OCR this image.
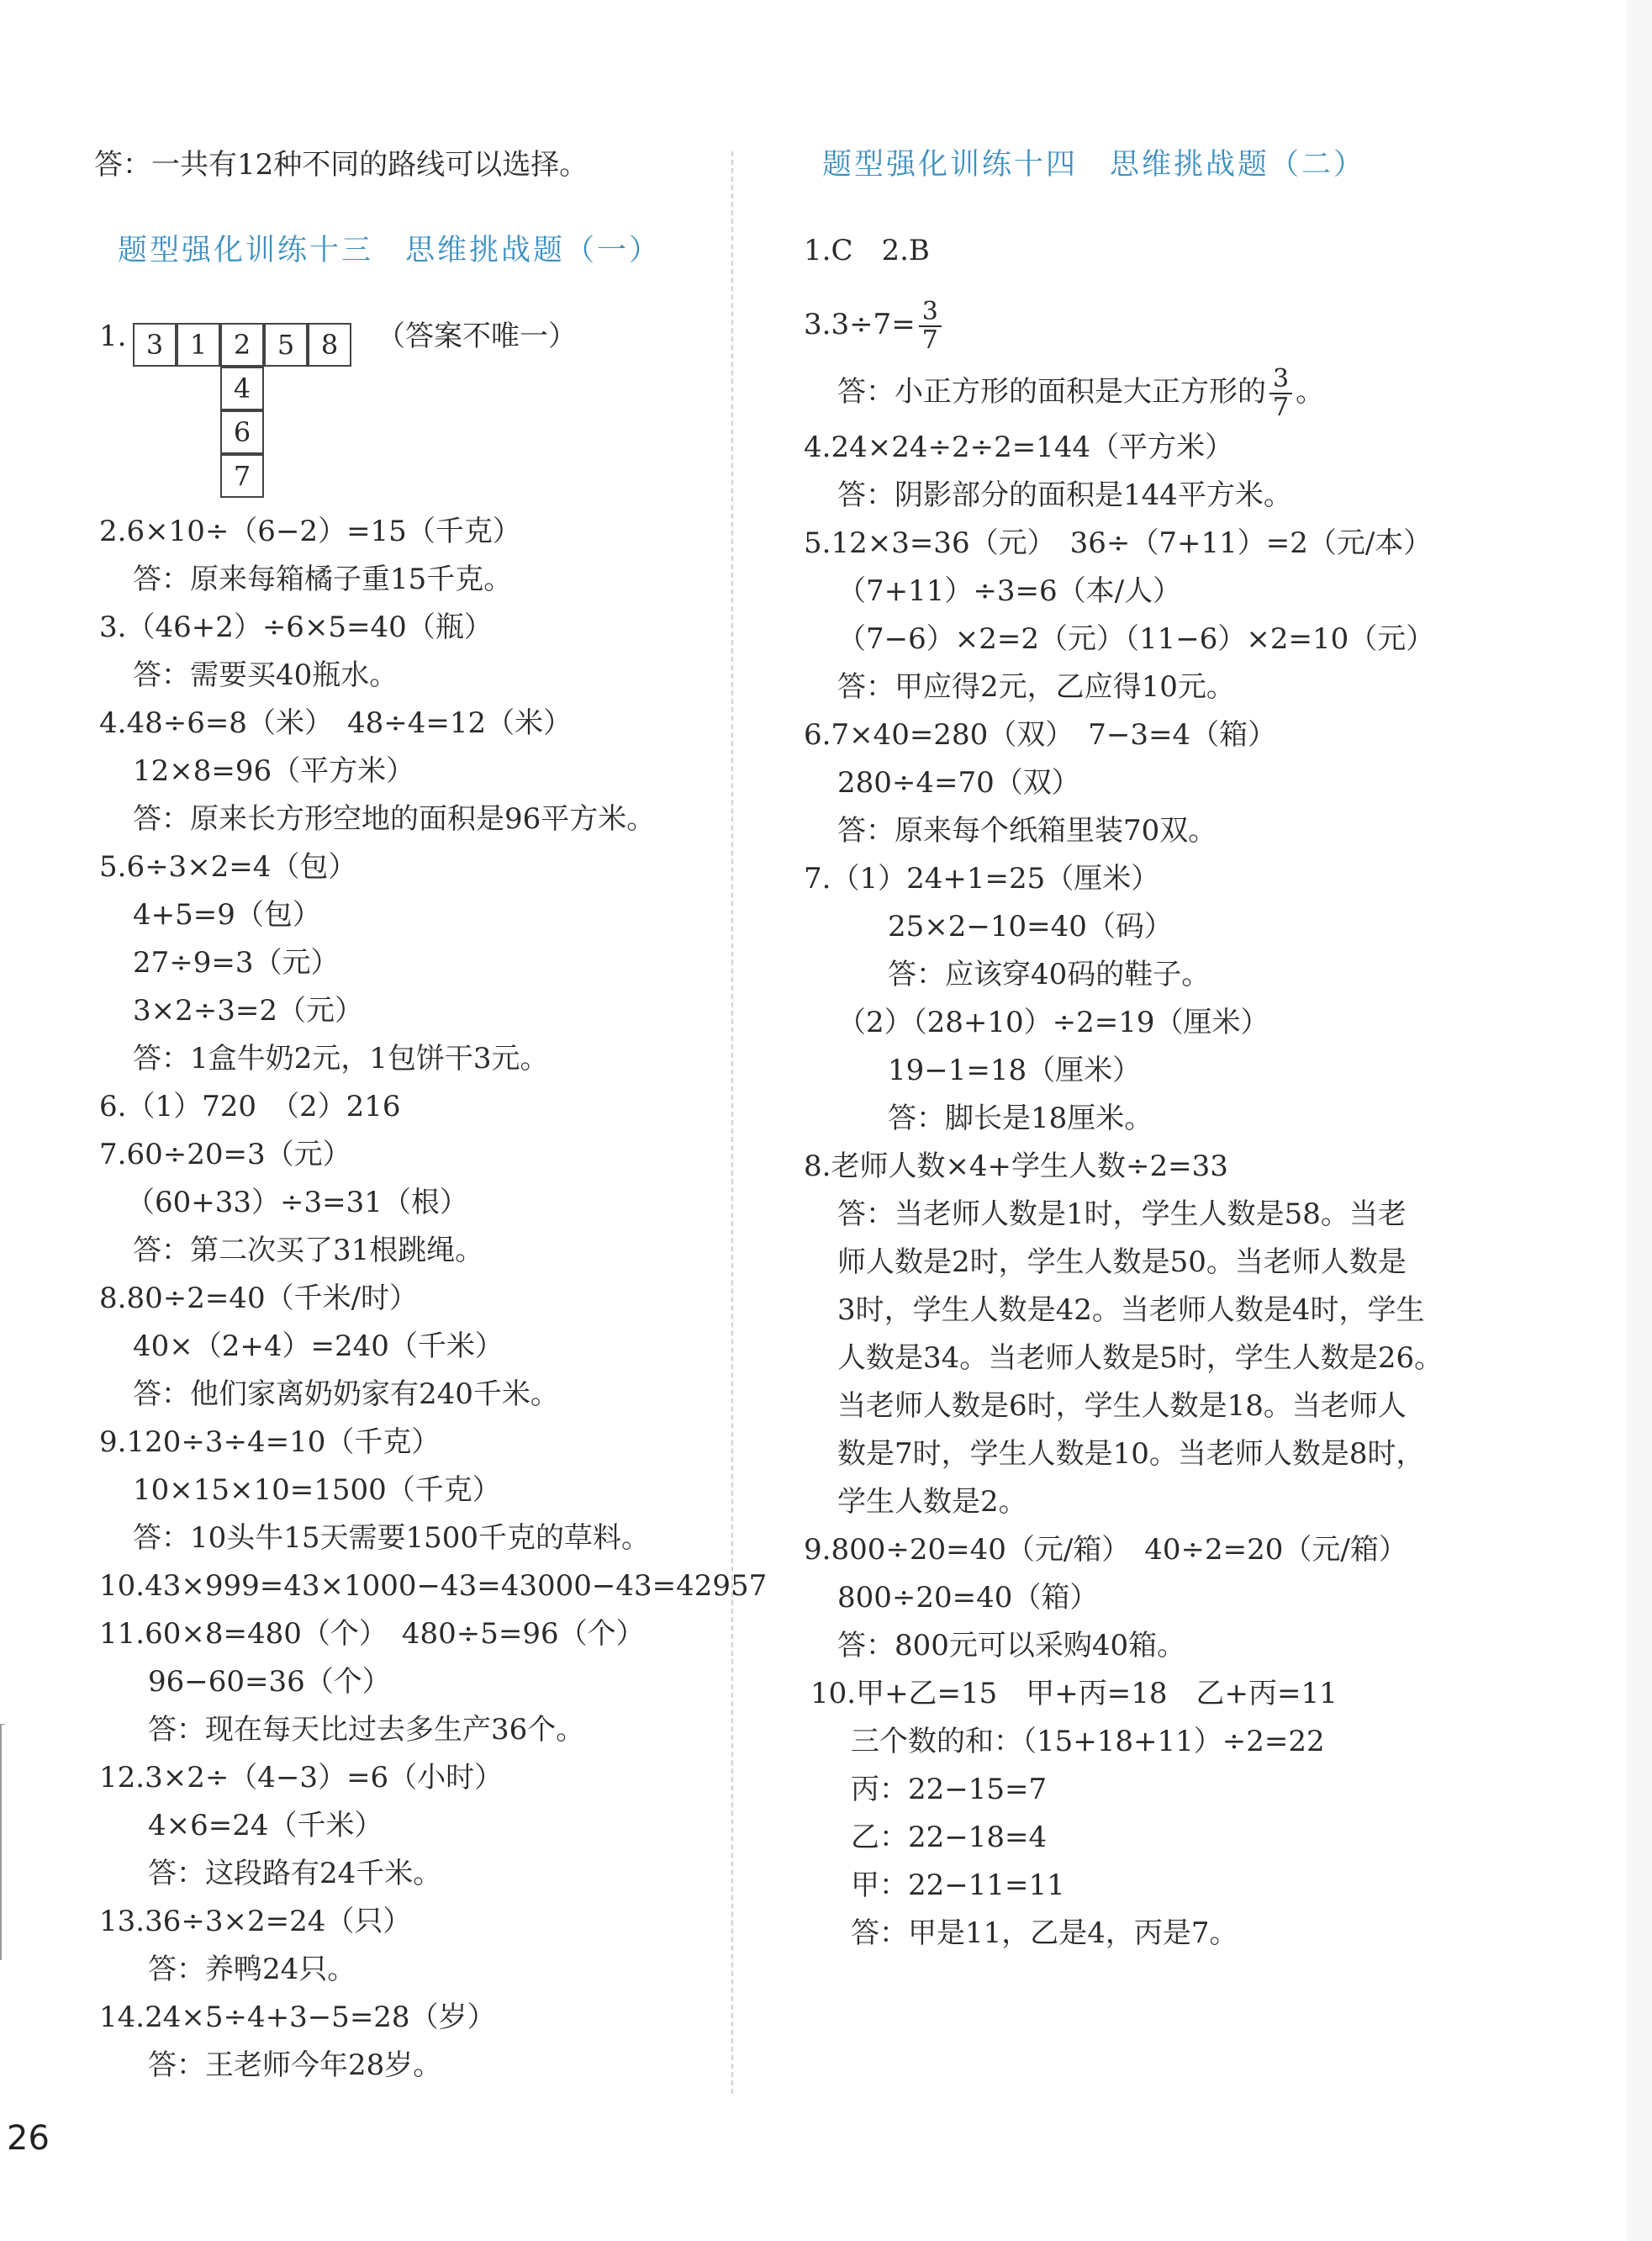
答：一共有12种不同的路线可以选择。
题型强化训练十三　思维挑战题（一）
1. 3 1 2 5 8
4
6
7
（答案不唯一）
2.6×10÷（6−2）=15（千克）
答：原来每箱橘子重15千克。
3.（46+2）÷6×5=40（瓶）
答：需要买40瓶水。
4.48÷6=8（米）　48÷4=12（米）
12×8=96（平方米）
答：原来长方形空地的面积是96平方米。
5.6÷3×2=4（包）
4+5=9（包）
27÷9=3（元）
3×2÷3=2（元）
答：1盒牛奶2元，1包饼干3元。
6.（1）720　（2）216
7.60÷20=3（元）
（60+33）÷3=31（根）
答：第二次买了31根跳绳。
8.80÷2=40（千米/时）
40×（2+4）=240（千米）
答：他们家离奶奶家有240千米。
9.120÷3÷4=10（千克）
10×15×10=1500（千克）
答：10头牛15天需要1500千克的草料。
10.43×999=43×1000−43=43000−43=42957
11.60×8=480（个）　480÷5=96（个）
96−60=36（个）
答：现在每天比过去多生产36个。
12.3×2÷（4−3）=6（小时）
4×6=24（千米）
答：这段路有24千米。
13.36÷3×2=24（只）
答：养鸭24只。
14.24×5÷4+3−5=28（岁）
答：王老师今年28岁。
题型强化训练十四　思维挑战题（二）
1.C　2.B
$3.3\div 7= \frac{3}{7}$
答：小正方形的面积是大正方形的 $\frac{3}{7}$ 。
4.24×24÷2÷2=144（平方米）
答：阴影部分的面积是144平方米。
5.12×3=36（元）　36÷（7+11）=2（元/本）
（7+11）÷3=6（本/人）
（7−6）×2=2（元）（11−6）×2=10（元）
答：甲应得2元，乙应得10元。
6.7×40=280（双）　7−3=4（箱）
280÷4=70（双）
答：原来每个纸箱里装70双。
7.（1）24+1=25（厘米）
25×2−10=40（码）
答：应该穿40码的鞋子。
（2）（28+10）÷2=19（厘米）
19−1=18（厘米）
答：脚长是18厘米。
8.老师人数×4+学生人数÷2=33
答：当老师人数是1时，学生人数是58。当老
师人数是2时，学生人数是50。当老师人数是
3时，学生人数是42。当老师人数是4时，学生
人数是34。当老师人数是5时，学生人数是26。
当老师人数是6时，学生人数是18。当老师人
数是7时，学生人数是10。当老师人数是8时，
学生人数是2。
9.800÷20=40（元/箱）　40÷2=20（元/箱）
800÷20=40（箱）
答：800元可以采购40箱。
10.甲+乙=15　甲+丙=18　乙+丙=11
三个数的和：（15+18+11）÷2=22
丙：22−15=7
乙：22−18=4
甲：22−11=11
答：甲是11，乙是4，丙是7。
26
